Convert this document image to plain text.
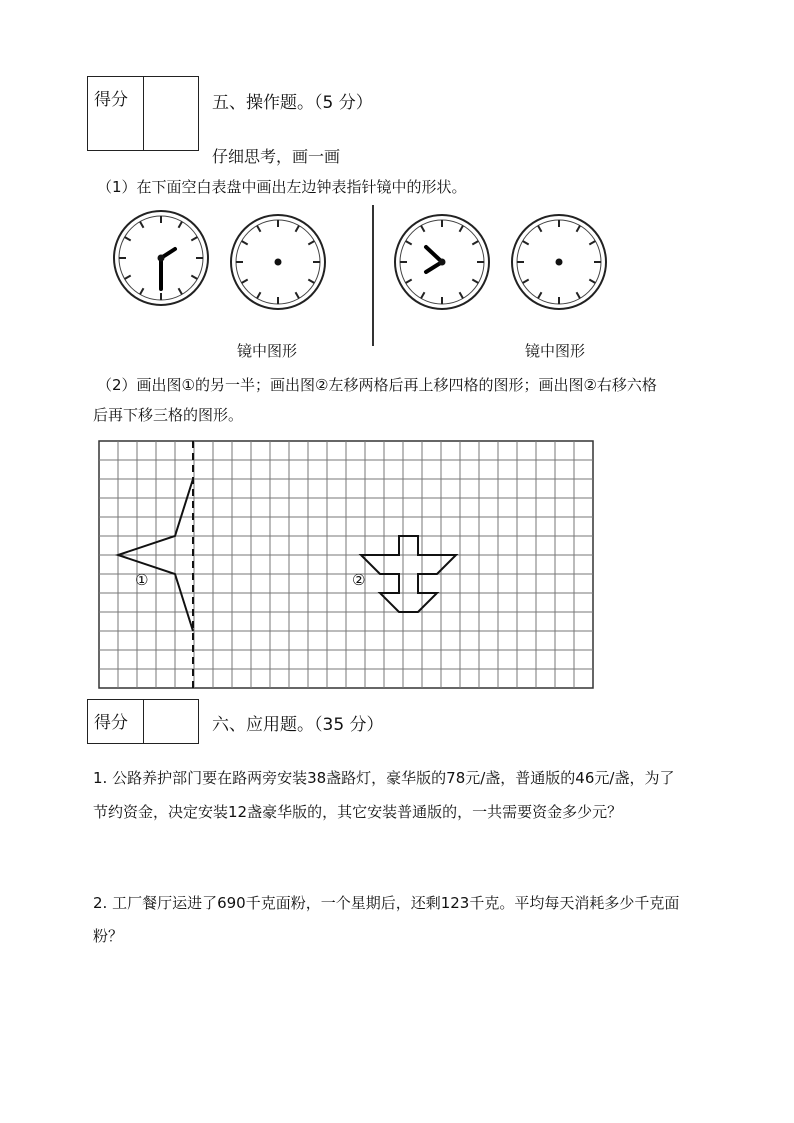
得分	五、操作题。（5 分）
仔细思考，画一画
（1）在下面空白表盘中画出左边钟表指针镜中的形状。
镜中图形	镜中图形
（2）画出图①的另一半；画出图②左移两格后再上移四格的图形；画出图②右移六格
后再下移三格的图形。
①	②
得分	六、应用题。（35 分）
1. 公路养护部门要在路两旁安装38盏路灯，豪华版的78元/盏，普通版的46元/盏，为了
节约资金，决定安装12盏豪华版的，其它安装普通版的，一共需要资金多少元？
2. 工厂餐厅运进了690千克面粉，一个星期后，还剩123千克。平均每天消耗多少千克面
粉？
